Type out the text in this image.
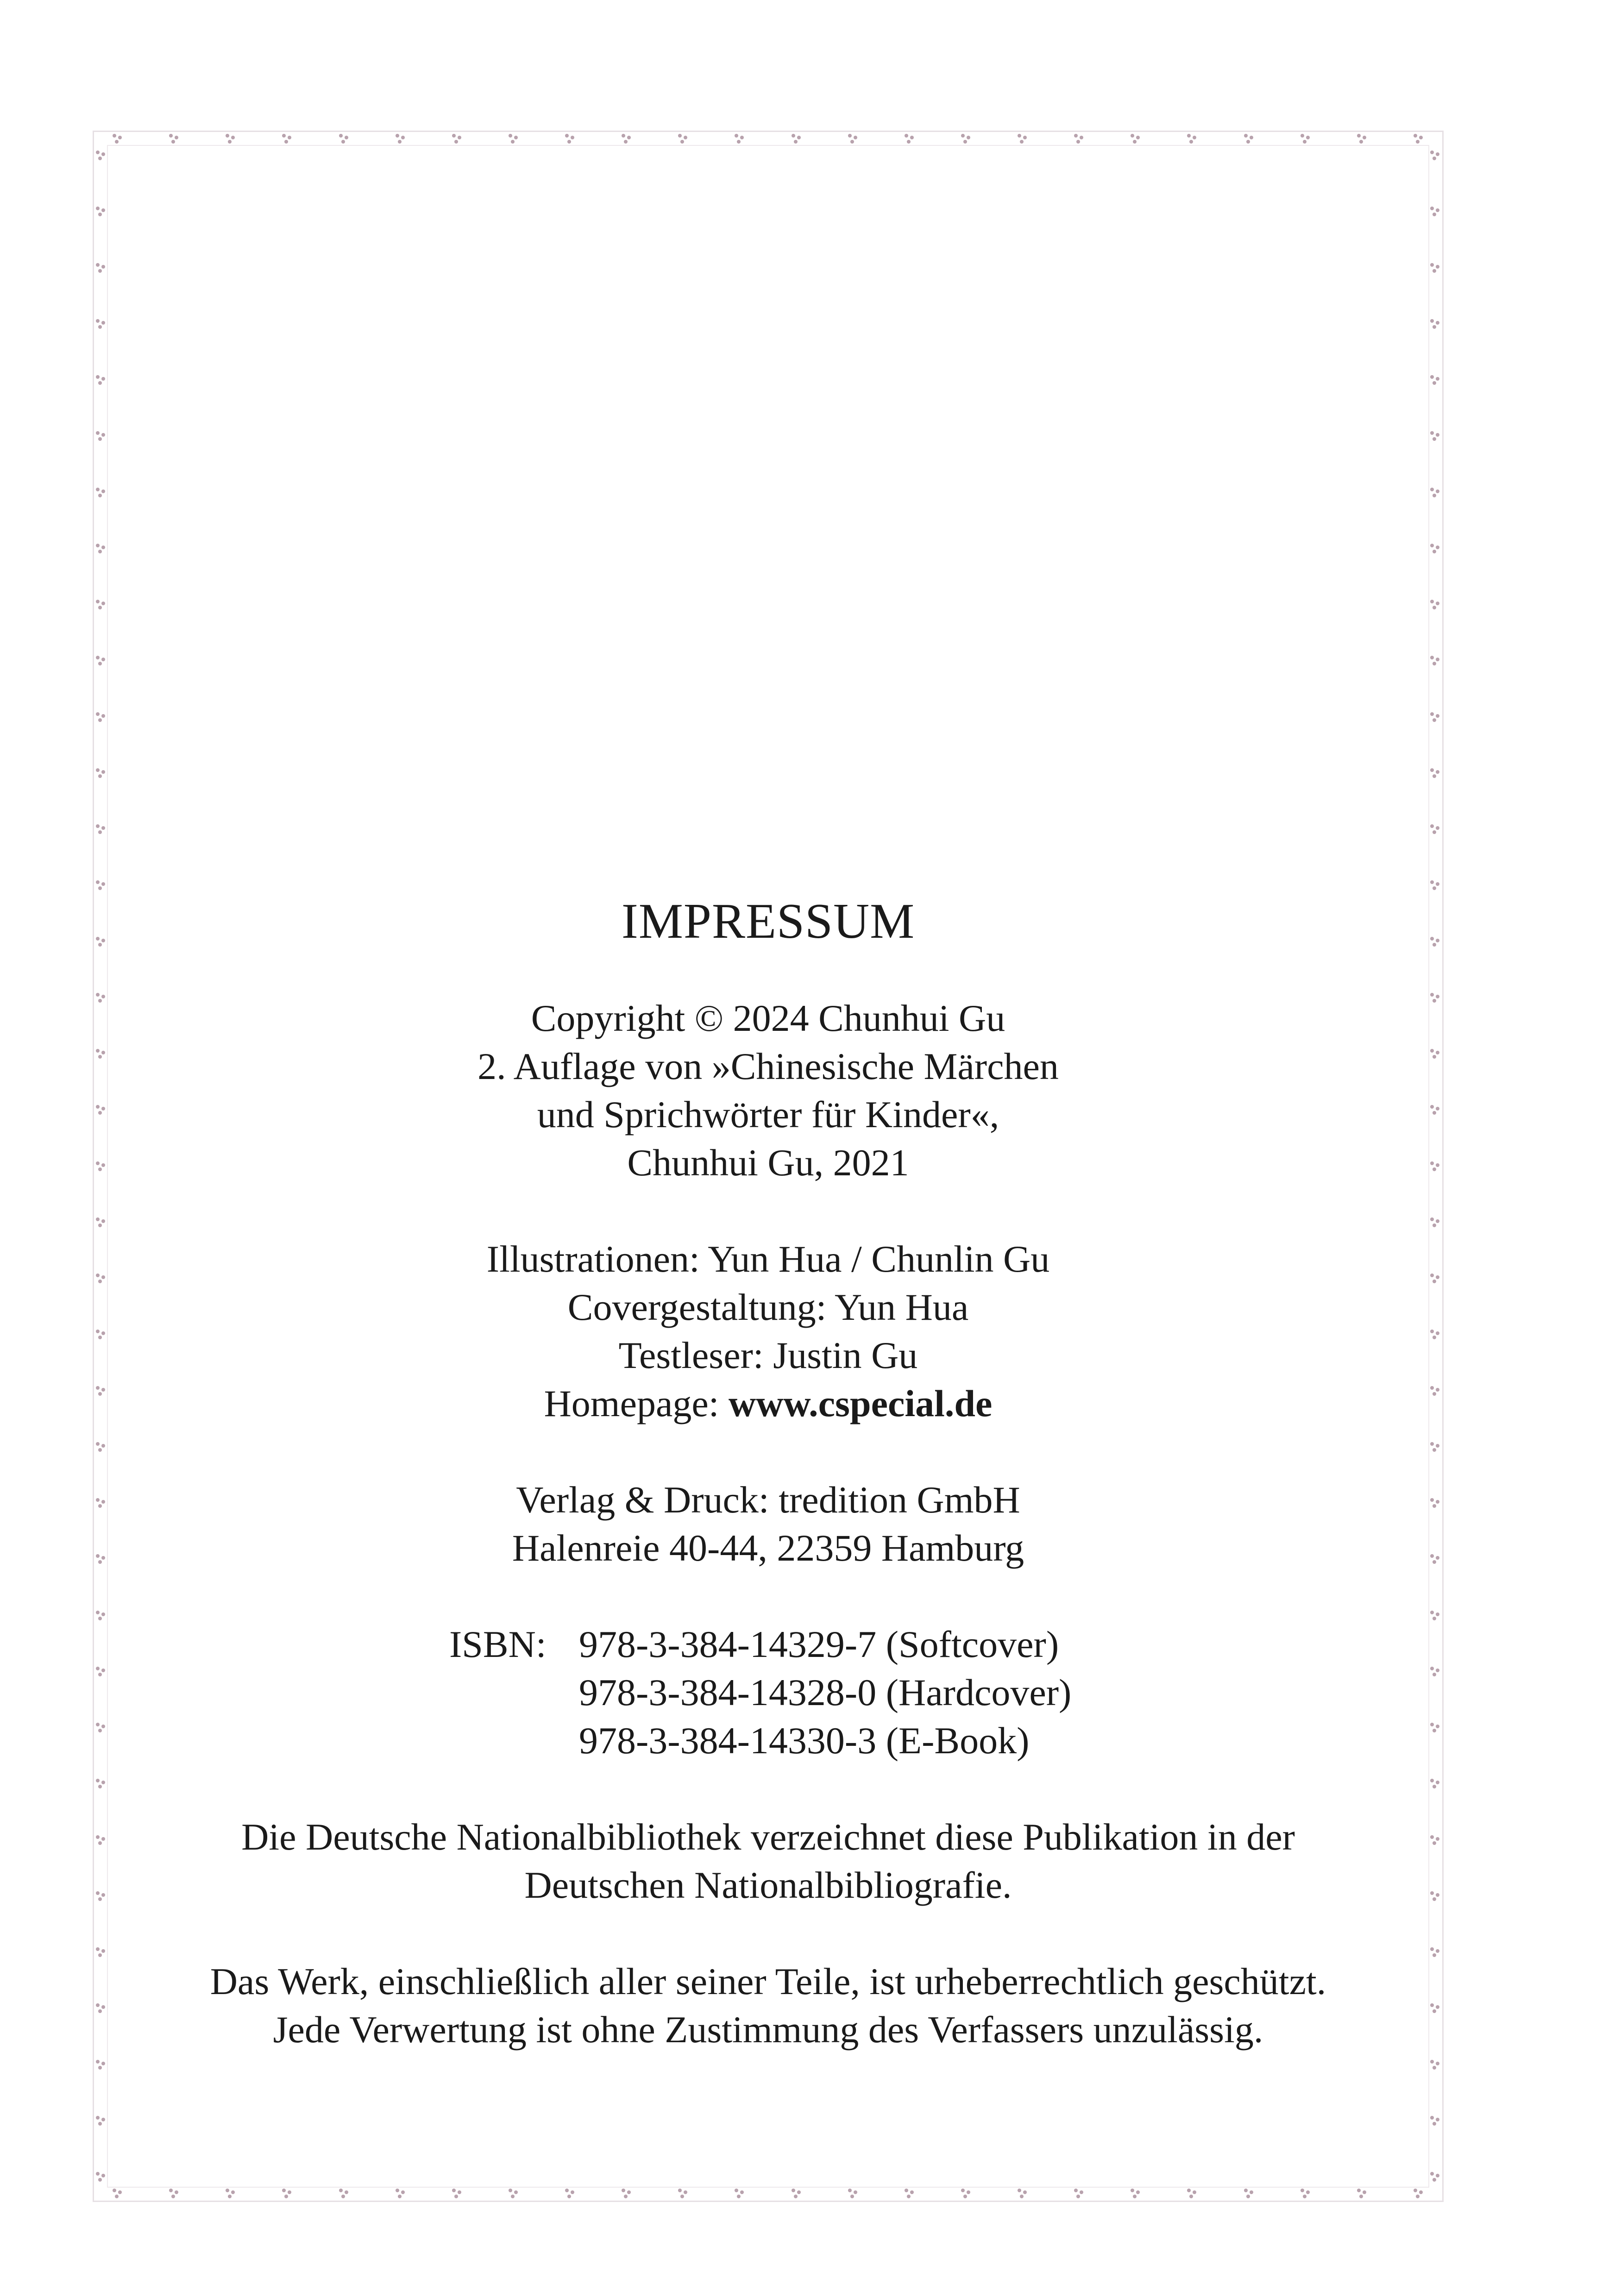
IMPRESSUM
Copyright © 2024 Chunhui Gu
2. Auflage von »Chinesische Märchen
und Sprichwörter für Kinder«,
Chunhui Gu, 2021
Illustrationen: Yun Hua / Chunlin Gu
Covergestaltung: Yun Hua
Testleser: Justin Gu
Homepage: www.cspecial.de
Verlag & Druck: tredition GmbH
Halenreie 40-44, 22359 Hamburg
ISBN: 978-3-384-14329-7 (Softcover)
978-3-384-14328-0 (Hardcover)
978-3-384-14330-3 (E-Book)
Die Deutsche Nationalbibliothek verzeichnet diese Publikation in der
Deutschen Nationalbibliografie.
Das Werk, einschließlich aller seiner Teile, ist urheberrechtlich geschützt.
Jede Verwertung ist ohne Zustimmung des Verfassers unzulässig.
